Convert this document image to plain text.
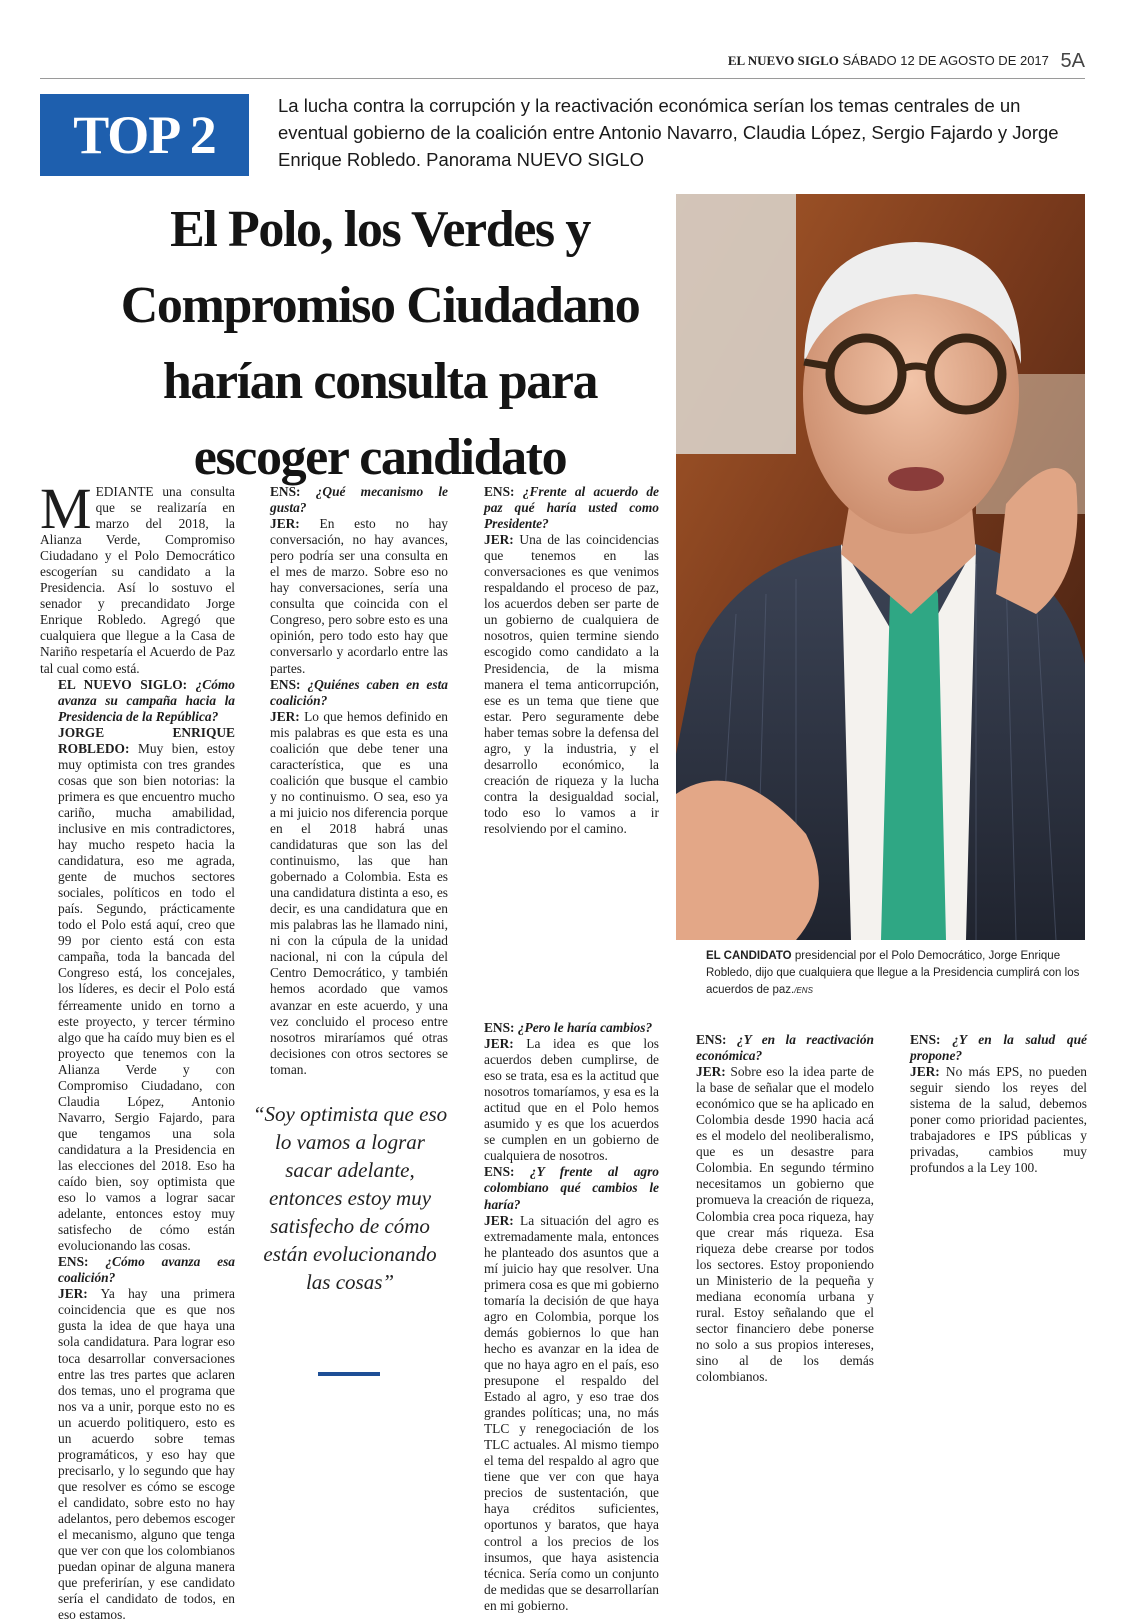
EL NUEVO SIGLO SÁBADO 12 DE AGOSTO DE 2017 5A
TOP 2	La lucha contra la corrupción y la reactivación económica serían los temas centrales de un eventual gobierno de la coalición entre Antonio Navarro, Claudia López, Sergio Fajardo y Jorge Enrique Robledo. Panorama NUEVO SIGLO
El Polo, los Verdes y
Compromiso Ciudadano
harían consulta para
escoger candidato
EL CANDIDATO presidencial por el Polo Democrático, Jorge Enrique Robledo, dijo que cualquiera que llegue a la Presidencia cumplirá con los acuerdos de paz./ENS

MEDIANTE una consulta que se realizaría en marzo del 2018, la Alianza Verde, Compromiso Ciudadano y el Polo Democrático escogerían su candidato a la Presidencia. Así lo sostuvo el senador y precandidato Jorge Enrique Robledo. Agregó que cualquiera que llegue a la Casa de Nariño respetaría el Acuerdo de Paz tal cual como está.

EL NUEVO SIGLO: ¿Cómo avanza su campaña hacia la Presidencia de la República?

JORGE ENRIQUE ROBLEDO: Muy bien, estoy muy optimista con tres grandes cosas que son bien notorias: la primera es que encuentro mucho cariño, mucha amabilidad, inclusive en mis contradictores, hay mucho respeto hacia la candidatura, eso me agrada, gente de muchos sectores sociales, políticos en todo el país. Segundo, prácticamente todo el Polo está aquí, creo que 99 por ciento está con esta campaña, toda la bancada del Congreso está, los concejales, los líderes, es decir el Polo está férreamente unido en torno a este proyecto, y tercer término algo que ha caído muy bien es el proyecto que tenemos con la Alianza Verde y con Compromiso Ciudadano, con Claudia López, Antonio Navarro, Sergio Fajardo, para que tengamos una sola candidatura a la Presidencia en las elecciones del 2018. Eso ha caído bien, soy optimista que eso lo vamos a lograr sacar adelante, entonces estoy muy satisfecho de cómo están evolucionando las cosas.

ENS: ¿Cómo avanza esa coalición?

JER: Ya hay una primera coincidencia que es que nos gusta la idea de que haya una sola candidatura. Para lograr eso toca desarrollar conversaciones entre las tres partes que aclaren dos temas, uno el programa que nos va a unir, porque esto no es un acuerdo politiquero, esto es un acuerdo sobre temas programáticos, y eso hay que precisarlo, y lo segundo que hay que resolver es cómo se escoge el candidato, sobre esto no hay adelantos, pero debemos escoger el mecanismo, alguno que tenga que ver con que los colombianos puedan opinar de alguna manera que preferirían, y ese candidato sería el candidato de todos, en eso estamos.

ENS: ¿Qué mecanismo le gusta?

JER: En esto no hay conversación, no hay avances, pero podría ser una consulta en el mes de marzo. Sobre eso no hay conversaciones, sería una consulta que coincida con el Congreso, pero sobre esto es una opinión, pero todo esto hay que conversarlo y acordarlo entre las partes.

ENS: ¿Quiénes caben en esta coalición?

JER: Lo que hemos definido en mis palabras es que esta es una coalición que debe tener una característica, que es una coalición que busque el cambio y no continuismo. O sea, eso ya a mi juicio nos diferencia porque en el 2018 habrá unas candidaturas que son las del continuismo, las que han gobernado a Colombia. Esta es una candidatura distinta a eso, es decir, es una candidatura que en mis palabras las he llamado nini, ni con la cúpula de la unidad nacional, ni con la cúpula del Centro Democrático, y también hemos acordado que vamos avanzar en este acuerdo, y una vez concluido el proceso entre nosotros miraríamos qué otras decisiones con otros sectores se toman.

“Soy optimista que eso lo vamos a lograr sacar adelante, entonces estoy muy satisfecho de cómo están evolucionando las cosas”

ENS: ¿Frente al acuerdo de paz qué haría usted como Presidente?

JER: Una de las coincidencias que tenemos en las conversaciones es que venimos respaldando el proceso de paz, los acuerdos deben ser parte de un gobierno de cualquiera de nosotros, quien termine siendo escogido como candidato a la Presidencia, de la misma manera el tema anticorrupción, ese es un tema que tiene que estar. Pero seguramente debe haber temas sobre la defensa del agro, y la industria, y el desarrollo económico, la creación de riqueza y la lucha contra la desigualdad social, todo eso lo vamos a ir resolviendo por el camino.

ENS: ¿Pero le haría cambios?

JER: La idea es que los acuerdos deben cumplirse, de eso se trata, esa es la actitud que nosotros tomaríamos, y esa es la actitud que en el Polo hemos asumido y es que los acuerdos se cumplen en un gobierno de cualquiera de nosotros.

ENS: ¿Y frente al agro colombiano qué cambios le haría?

JER: La situación del agro es extremadamente mala, entonces he planteado dos asuntos que a mí juicio hay que resolver. Una primera cosa es que mi gobierno tomaría la decisión de que haya agro en Colombia, porque los demás gobiernos lo que han hecho es avanzar en la idea de que no haya agro en el país, eso presupone el respaldo del Estado al agro, y eso trae dos grandes políticas; una, no más TLC y renegociación de los TLC actuales. Al mismo tiempo el tema del respaldo al agro que tiene que ver con que haya precios de sustentación, que haya créditos suficientes, oportunos y baratos, que haya control a los precios de los insumos, que haya asistencia técnica. Sería como un conjunto de medidas que se desarrollarían en mi gobierno.

ENS: ¿Y en la reactivación económica?

JER: Sobre eso la idea parte de la base de señalar que el modelo económico que se ha aplicado en Colombia desde 1990 hacia acá es el modelo del neoliberalismo, que es un desastre para Colombia. En segundo término necesitamos un gobierno que promueva la creación de riqueza, Colombia crea poca riqueza, hay que crear más riqueza. Esa riqueza debe crearse por todos los sectores. Estoy proponiendo un Ministerio de la pequeña y mediana economía urbana y rural. Estoy señalando que el sector financiero debe ponerse no solo a sus propios intereses, sino al de los demás colombianos.

ENS: ¿Y en la salud qué propone?

JER: No más EPS, no pueden seguir siendo los reyes del sistema de la salud, debemos poner como prioridad pacientes, trabajadores e IPS públicas y privadas, cambios muy profundos a la Ley 100.
